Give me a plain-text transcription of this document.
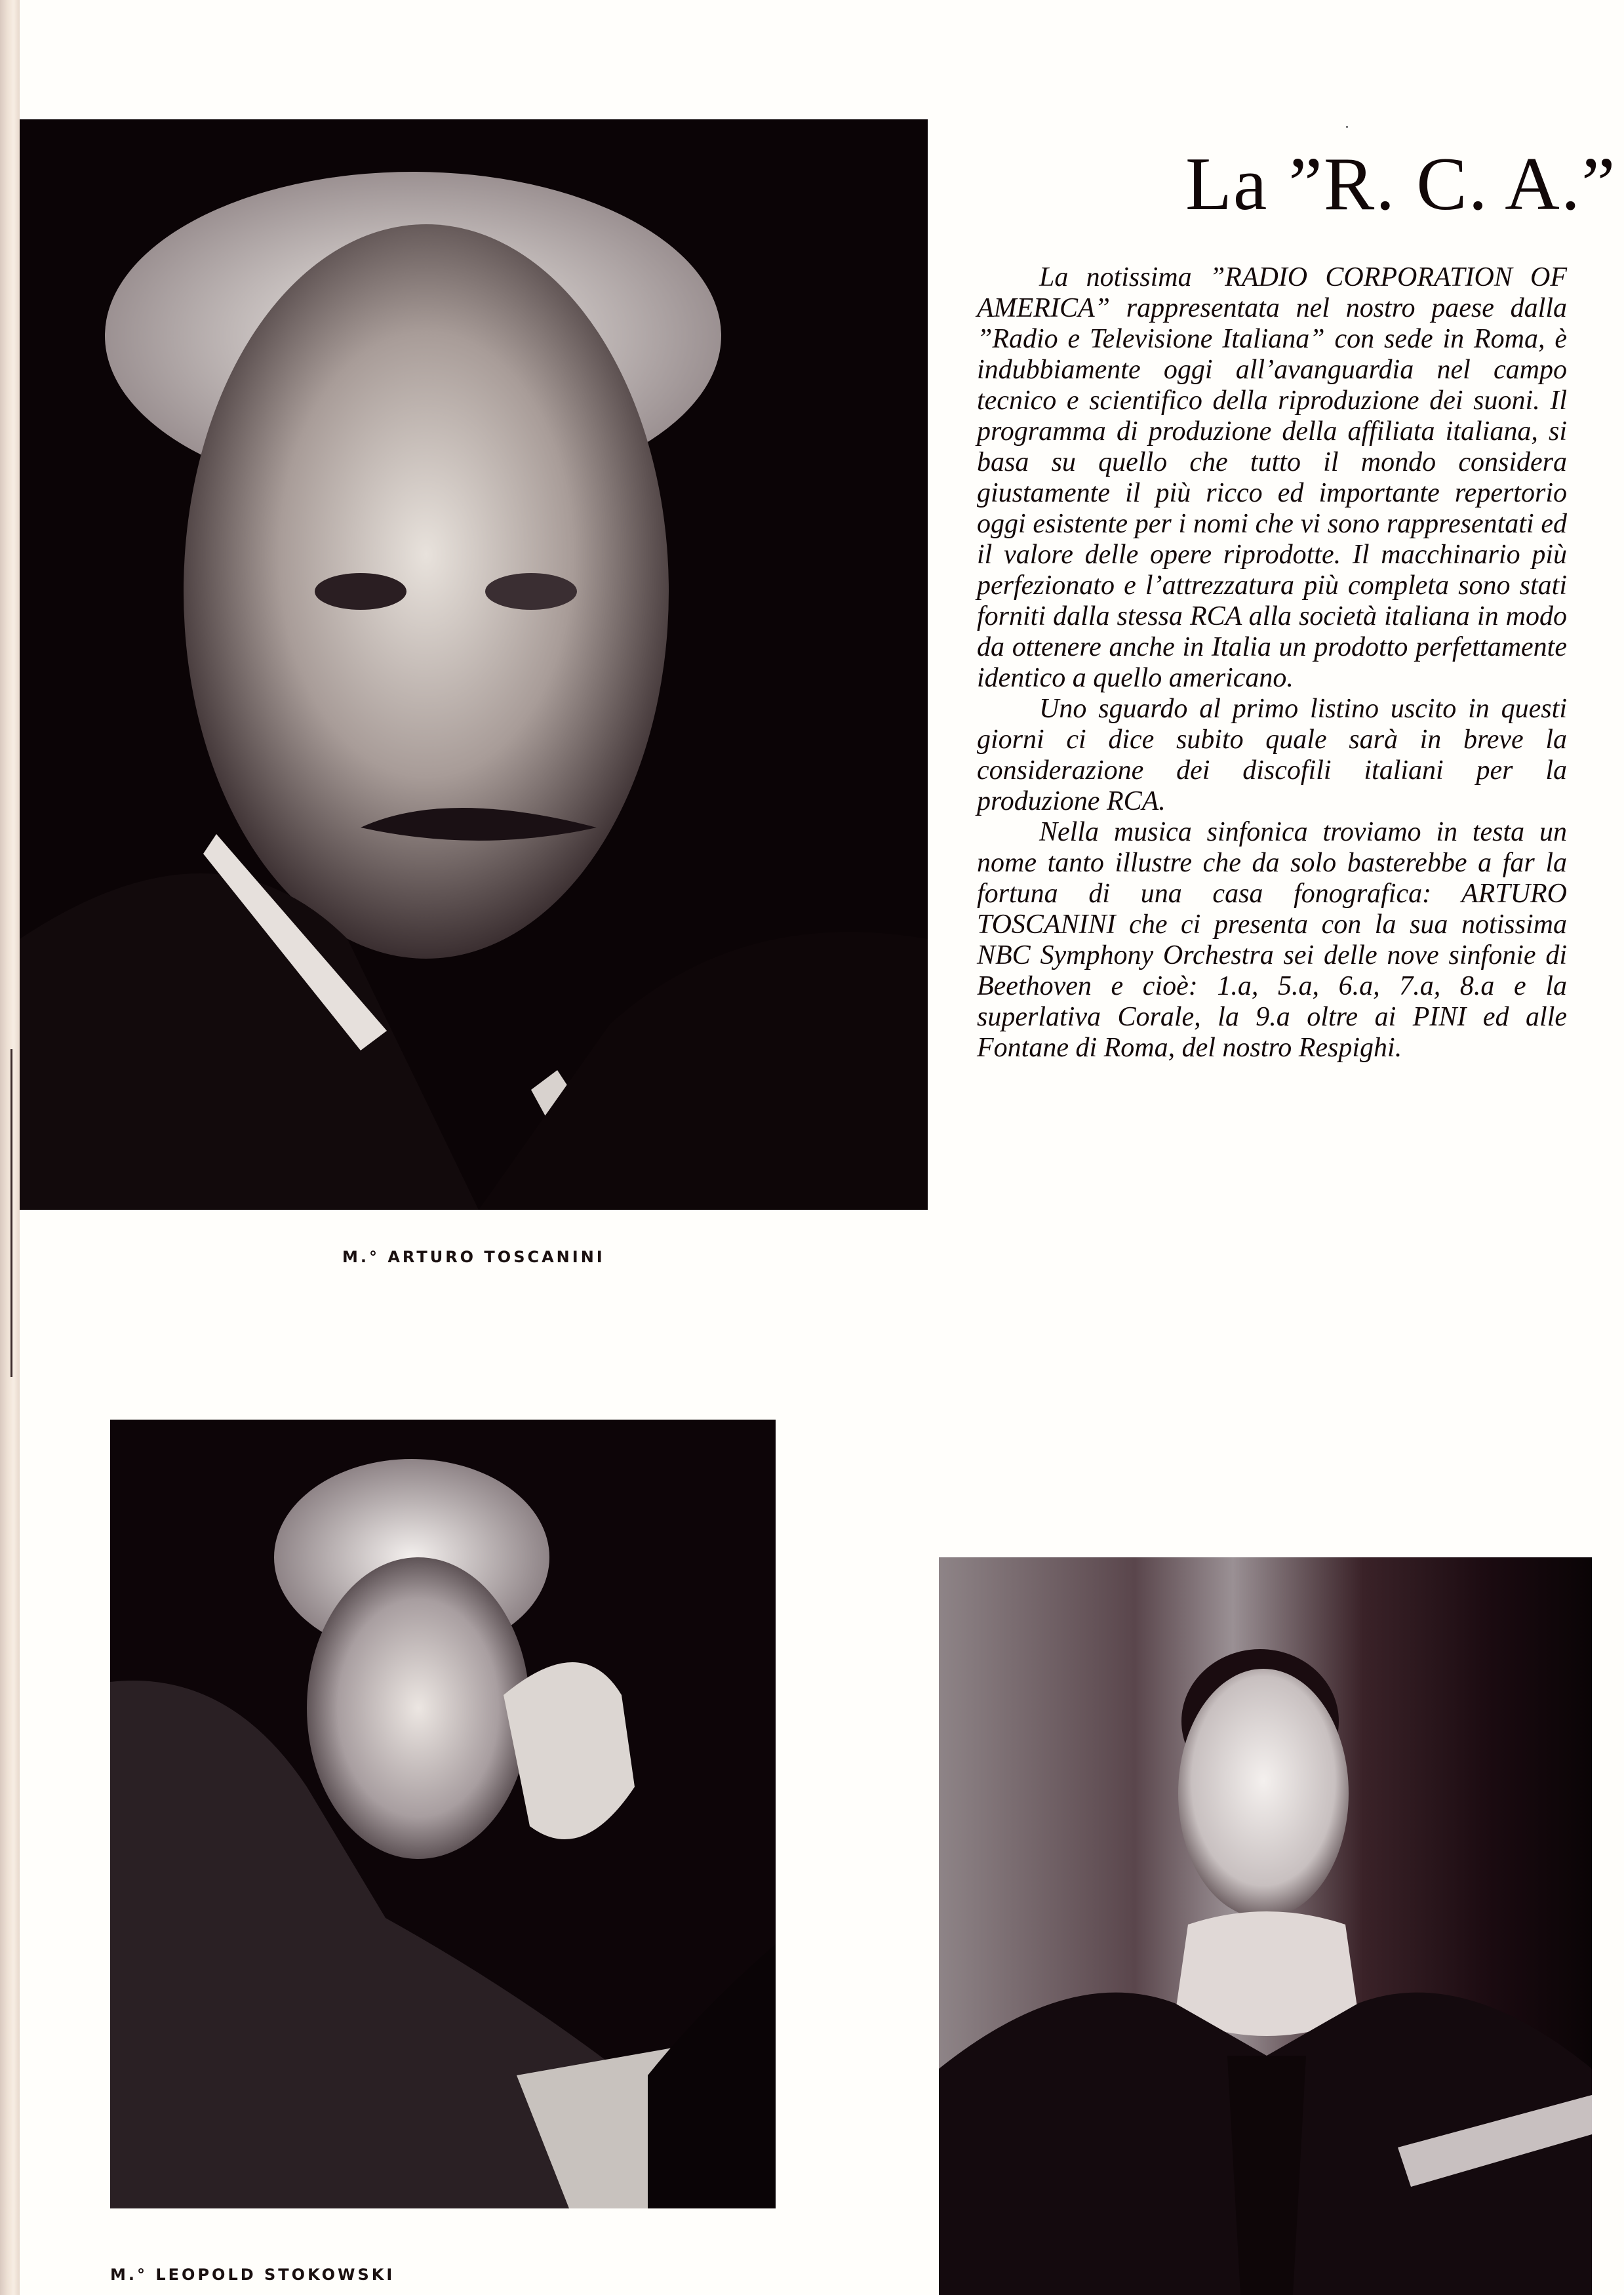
M.° ARTURO TOSCANINI
La ”R. C. A.”

La notissima ”RADIO CORPORATION OF AMERICA” rappresentata nel nostro paese dalla ”Radio e Televisione Italiana” con sede in Roma, è indubbiamente oggi all’avanguardia nel campo tecnico e scientifico della riproduzione dei suoni. Il programma di produzione della affiliata italiana, si basa su quello che tutto il mondo considera giustamente il più ricco ed importante repertorio oggi esistente per i nomi che vi sono rappresentati ed il valore delle opere riprodotte. Il macchinario più perfezionato e l’attrezzatura più completa sono stati forniti dalla stessa RCA alla società italiana in modo da ottenere anche in Italia un prodotto perfettamente identico a quello americano.

Uno sguardo al primo listino uscito in questi giorni ci dice subito quale sarà in breve la considerazione dei discofili italiani per la produzione RCA.

Nella musica sinfonica troviamo in testa un nome tanto illustre che da solo basterebbe a far la fortuna di una casa fonografica: ARTURO TOSCANINI che ci presenta con la sua notissima NBC Symphony Orchestra sei delle nove sinfonie di Beethoven e cioè: 1.a, 5.a, 6.a, 7.a, 8.a e la superlativa Corale, la 9.a oltre ai PINI ed alle Fontane di Roma, del nostro Respighi.

M.° LEOPOLD STOKOWSKI
